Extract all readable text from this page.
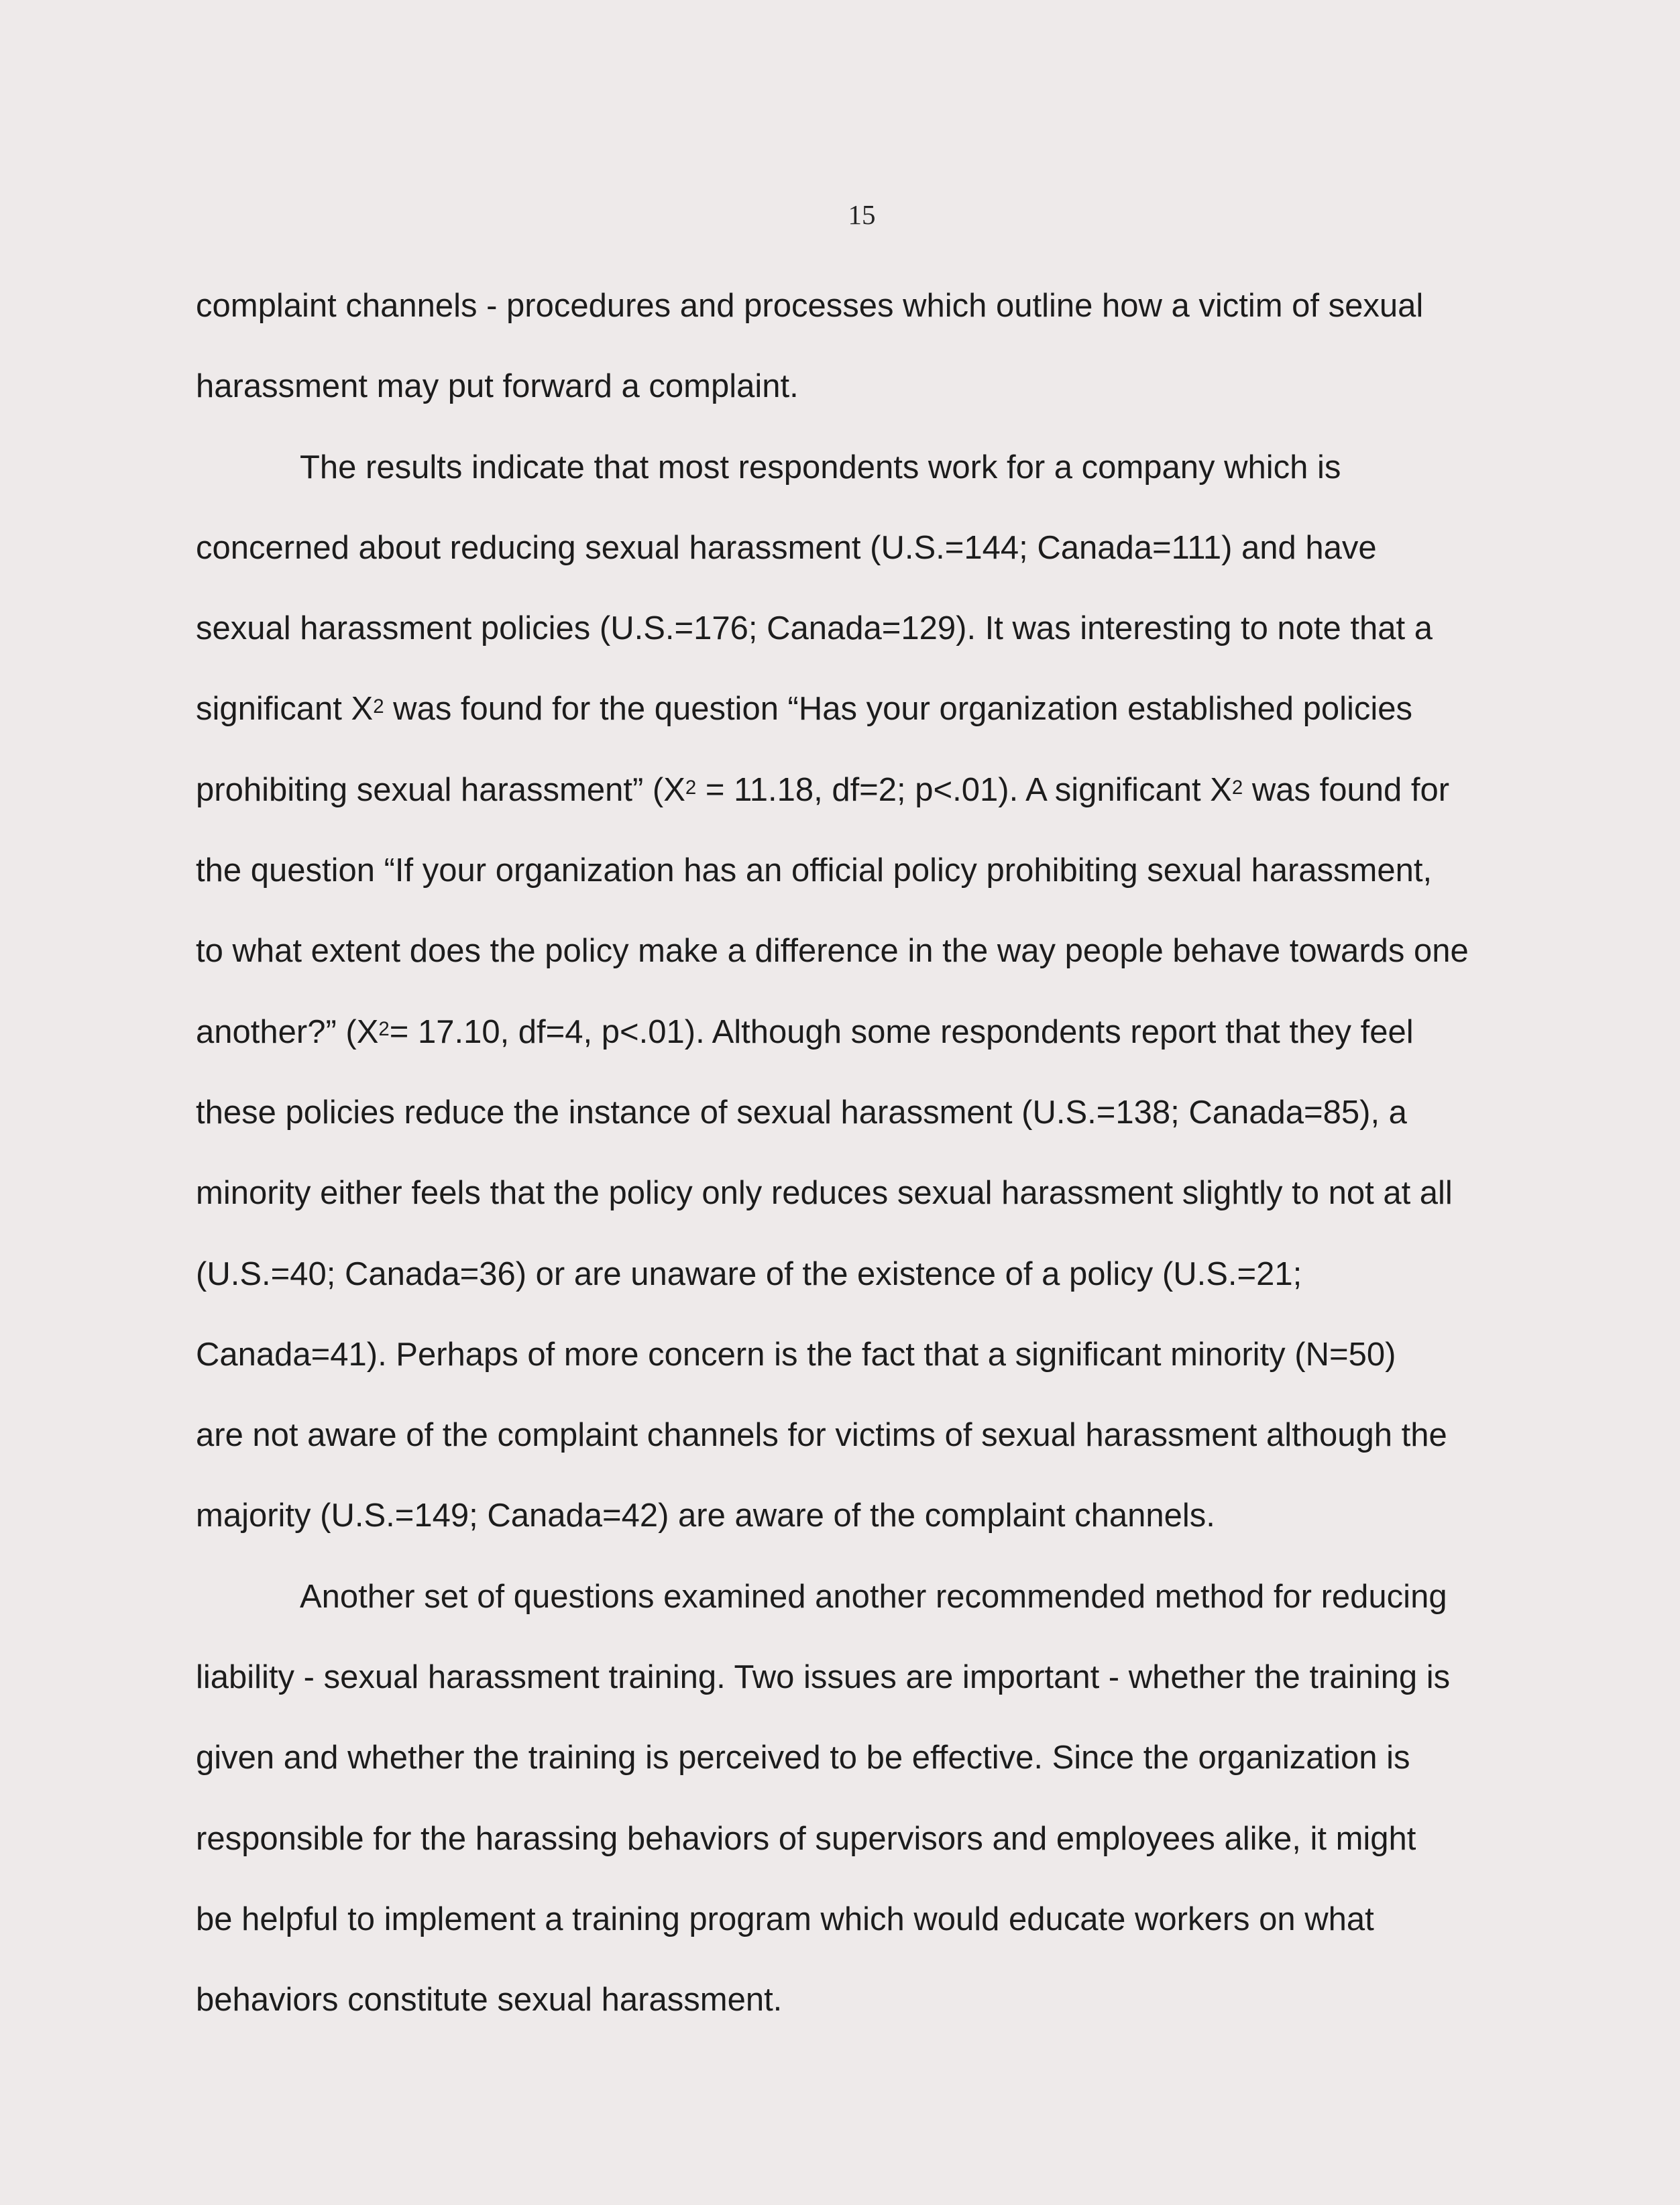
15
complaint channels - procedures and processes which outline how a victim of sexual
harassment may put forward a complaint.
The results indicate that most respondents work for a company which is
concerned about reducing sexual harassment (U.S.=144; Canada=111) and have
sexual harassment policies (U.S.=176; Canada=129). It was interesting to note that a
significant $X^2$ was found for the question “Has your organization established policies
prohibiting sexual harassment” ($X^2 = 11.18$, df=2; p<.01). A significant $X^2$ was found for
the question “If your organization has an official policy prohibiting sexual harassment,
to what extent does the policy make a difference in the way people behave towards one
another?” ($X^2= 17.10$, df=4, p<.01). Although some respondents report that they feel
these policies reduce the instance of sexual harassment (U.S.=138; Canada=85), a
minority either feels that the policy only reduces sexual harassment slightly to not at all
(U.S.=40; Canada=36) or are unaware of the existence of a policy (U.S.=21;
Canada=41). Perhaps of more concern is the fact that a significant minority (N=50)
are not aware of the complaint channels for victims of sexual harassment although the
majority (U.S.=149; Canada=42) are aware of the complaint channels.
Another set of questions examined another recommended method for reducing
liability - sexual harassment training. Two issues are important - whether the training is
given and whether the training is perceived to be effective. Since the organization is
responsible for the harassing behaviors of supervisors and employees alike, it might
be helpful to implement a training program which would educate workers on what
behaviors constitute sexual harassment.
